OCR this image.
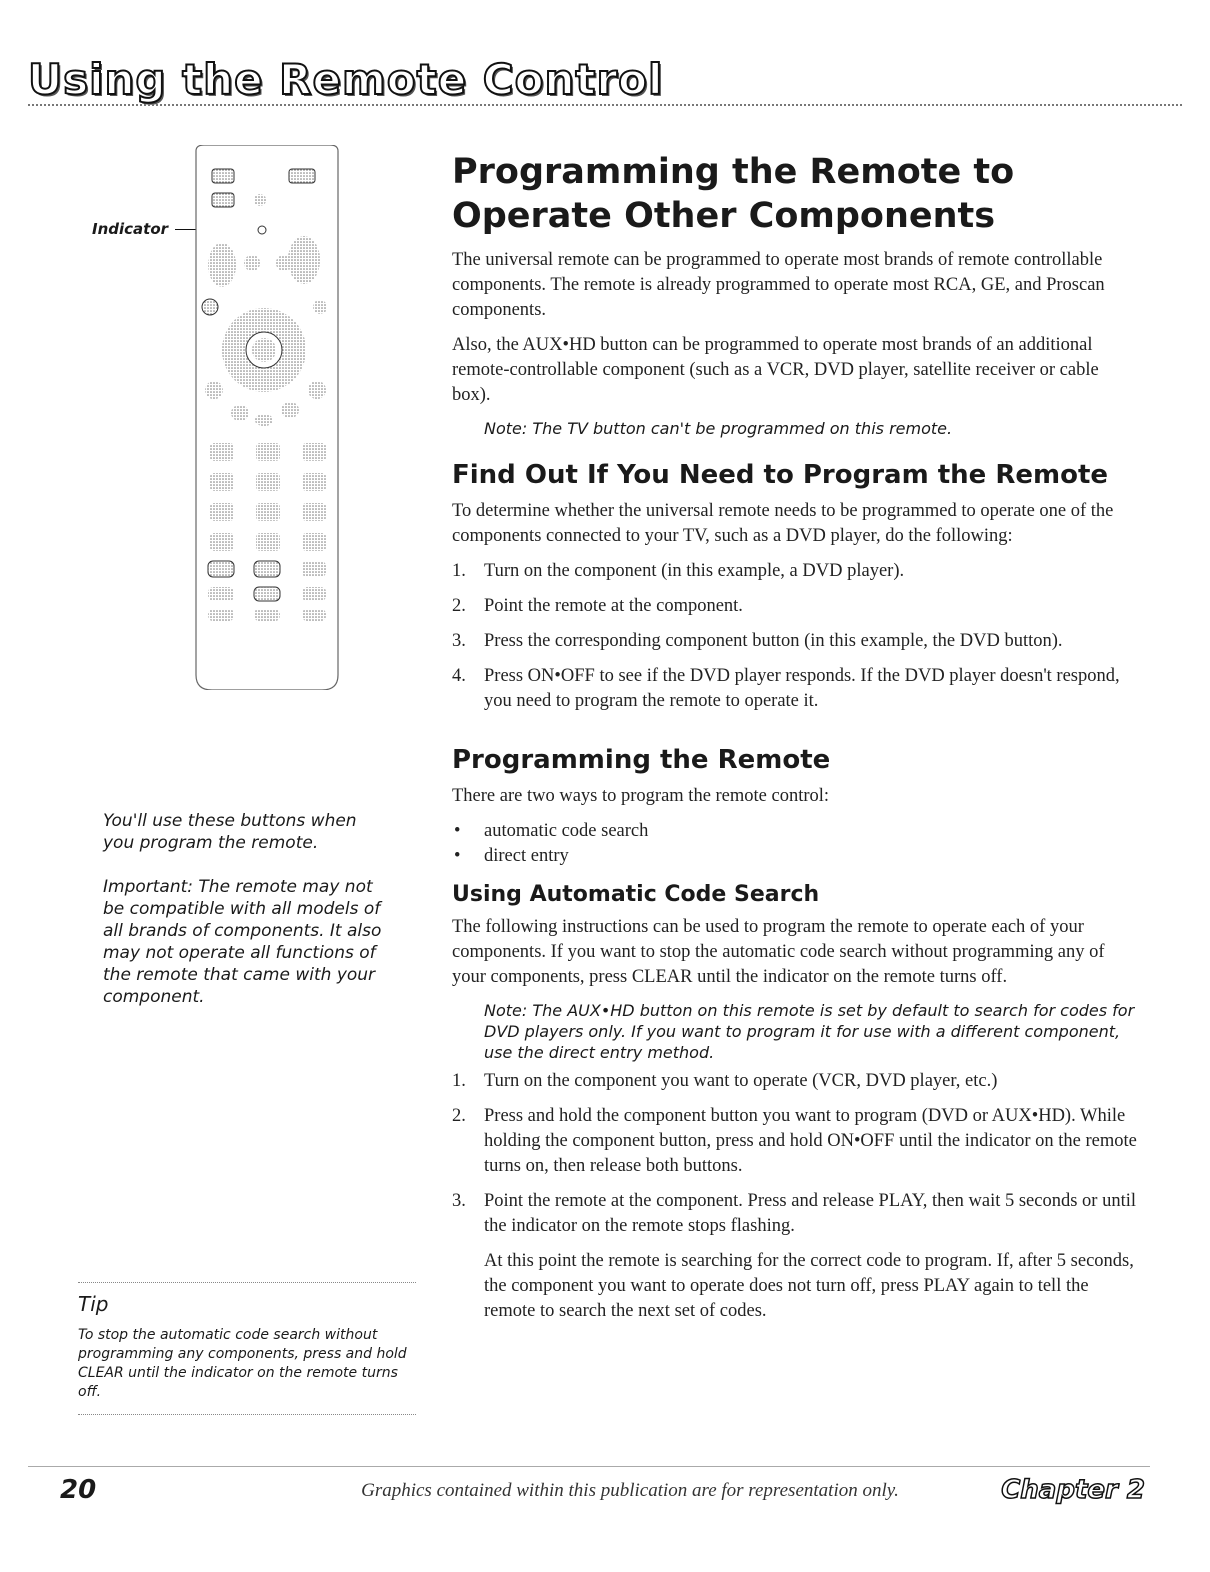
Using the Remote Control
Indicator

You'll use these buttons when you program the remote.

Important: The remote may not be compatible with all models of all brands of components. It also may not operate all functions of the remote that came with your component.

Tip

To stop the automatic code search without programming any components, press and hold CLEAR until the indicator on the remote turns off.

Programming the Remote to Operate Other Components

The universal remote can be programmed to operate most brands of remote controllable components. The remote is already programmed to operate most RCA, GE, and Proscan components.

Also, the AUX•HD button can be programmed to operate most brands of an additional remote-controllable component (such as a VCR, DVD player, satellite receiver or cable box).

Note: The TV button can't be programmed on this remote.

Find Out If You Need to Program the Remote

To determine whether the universal remote needs to be programmed to operate one of the components connected to your TV, such as a DVD player, do the following:

1. Turn on the component (in this example, a DVD player).
2. Point the remote at the component.
3. Press the corresponding component button (in this example, the DVD button).
4. Press ON•OFF to see if the DVD player responds. If the DVD player doesn't respond, you need to program the remote to operate it.
Programming the Remote

There are two ways to program the remote control:

• automatic code search
• direct entry
Using Automatic Code Search

The following instructions can be used to program the remote to operate each of your components. If you want to stop the automatic code search without programming any of your components, press CLEAR until the indicator on the remote turns off.

Note: The AUX•HD button on this remote is set by default to search for codes for DVD players only. If you want to program it for use with a different component, use the direct entry method.

1. Turn on the component you want to operate (VCR, DVD player, etc.)
2. Press and hold the component button you want to program (DVD or AUX•HD). While holding the component button, press and hold ON•OFF until the indicator on the remote turns on, then release both buttons.
3. Point the remote at the component. Press and release PLAY, then wait 5 seconds or until the indicator on the remote stops flashing.

At this point the remote is searching for the correct code to program. If, after 5 seconds, the component you want to operate does not turn off, press PLAY again to tell the remote to search the next set of codes.

20	Graphics contained within this publication are for representation only.	Chapter 2
